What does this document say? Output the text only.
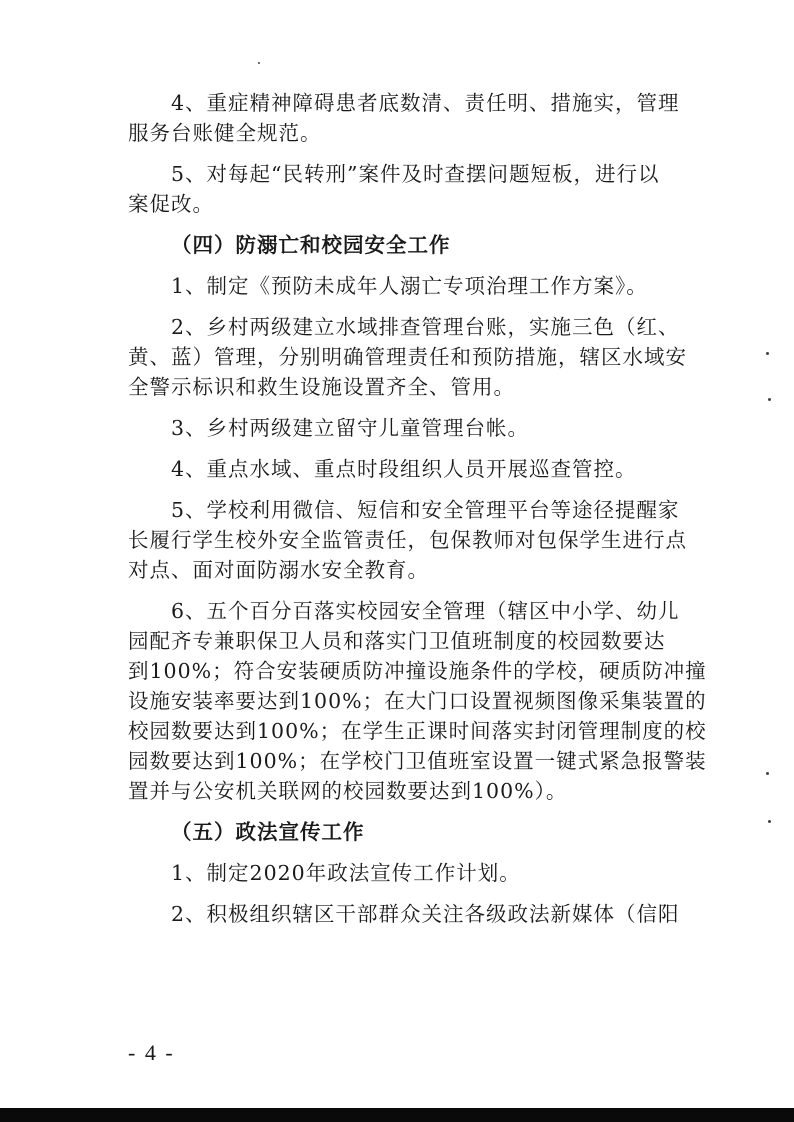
4、重症精神障碍患者底数清、责任明、措施实，管理

服务台账健全规范。

5、对每起“民转刑”案件及时查摆问题短板，进行以

案促改。

（四）防溺亡和校园安全工作

1、制定《预防未成年人溺亡专项治理工作方案》。

2、乡村两级建立水域排查管理台账，实施三色（红、

黄、蓝）管理，分别明确管理责任和预防措施，辖区水域安

全警示标识和救生设施设置齐全、管用。

3、乡村两级建立留守儿童管理台帐。

4、重点水域、重点时段组织人员开展巡查管控。

5、学校利用微信、短信和安全管理平台等途径提醒家

长履行学生校外安全监管责任，包保教师对包保学生进行点

对点、面对面防溺水安全教育。

6、五个百分百落实校园安全管理（辖区中小学、幼儿

园配齐专兼职保卫人员和落实门卫值班制度的校园数要达

到100%；符合安装硬质防冲撞设施条件的学校，硬质防冲撞

设施安装率要达到100%；在大门口设置视频图像采集装置的

校园数要达到100%；在学生正课时间落实封闭管理制度的校

园数要达到100%；在学校门卫值班室设置一键式紧急报警装

置并与公安机关联网的校园数要达到100%）。

（五）政法宣传工作

1、制定2020年政法宣传工作计划。

2、积极组织辖区干部群众关注各级政法新媒体（信阳

- 4 -
